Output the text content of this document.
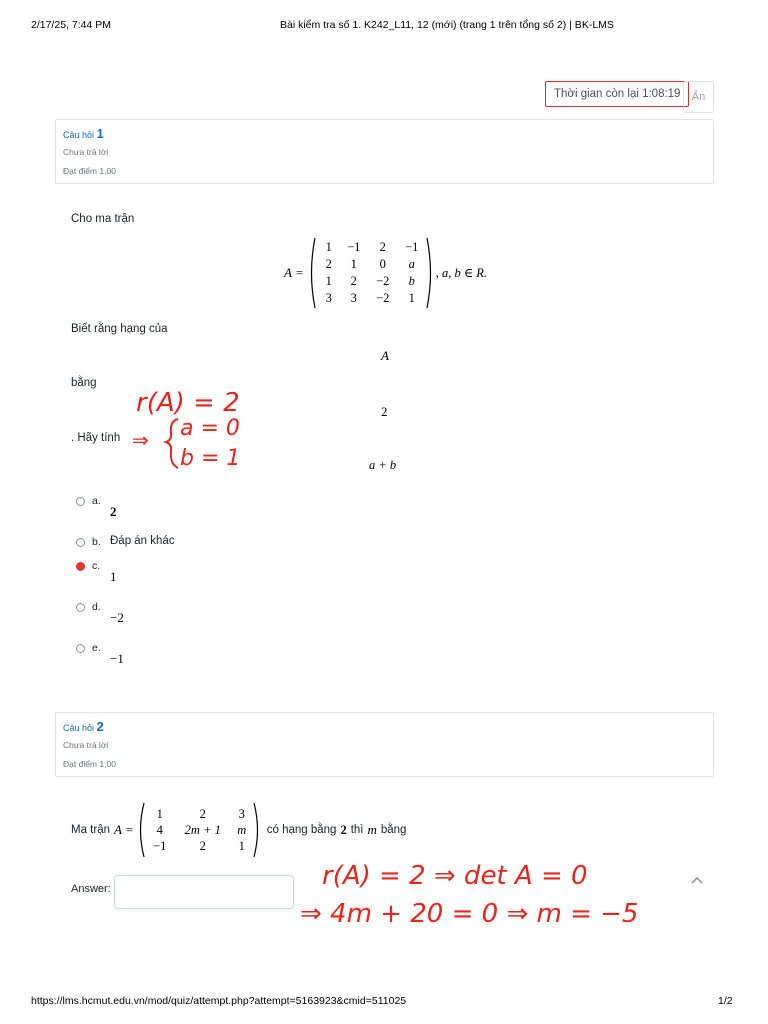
2/17/25, 7:44 PM	Bài kiểm tra số 1. K242_L11, 12 (mới) (trang 1 trên tổng số 2) | BK-LMS
Thời gian còn lại 1:08:19	Ẩn
Câu hỏi 1
Chưa trả lời
Đạt điểm 1,00
Cho ma trận
A =
1	−1	2	−1
2	1	0	a
1	2	−2	b
3	3	−2	1
, a, b ∈ R.
Biết rằng hạng của
A
bằng
2
. Hãy tính
a + b
a.
2
b. Đáp án khác
c.
1
d.
−2
e.
−1
r(A) = 2
⇒ a = 0
b = 1
r(A) = 2 ⇒ det A = 0
⇒ 4m + 20 = 0 ⇒ m = −5
Câu hỏi 2
Chưa trả lời
Đạt điểm 1,00
Ma trận A =
1	2	3
4	2m + 1	m
−1	2	1
có hạng bằng 2 thì m bằng
Answer:
https://lms.hcmut.edu.vn/mod/quiz/attempt.php?attempt=5163923&cmid=511025	1/2
